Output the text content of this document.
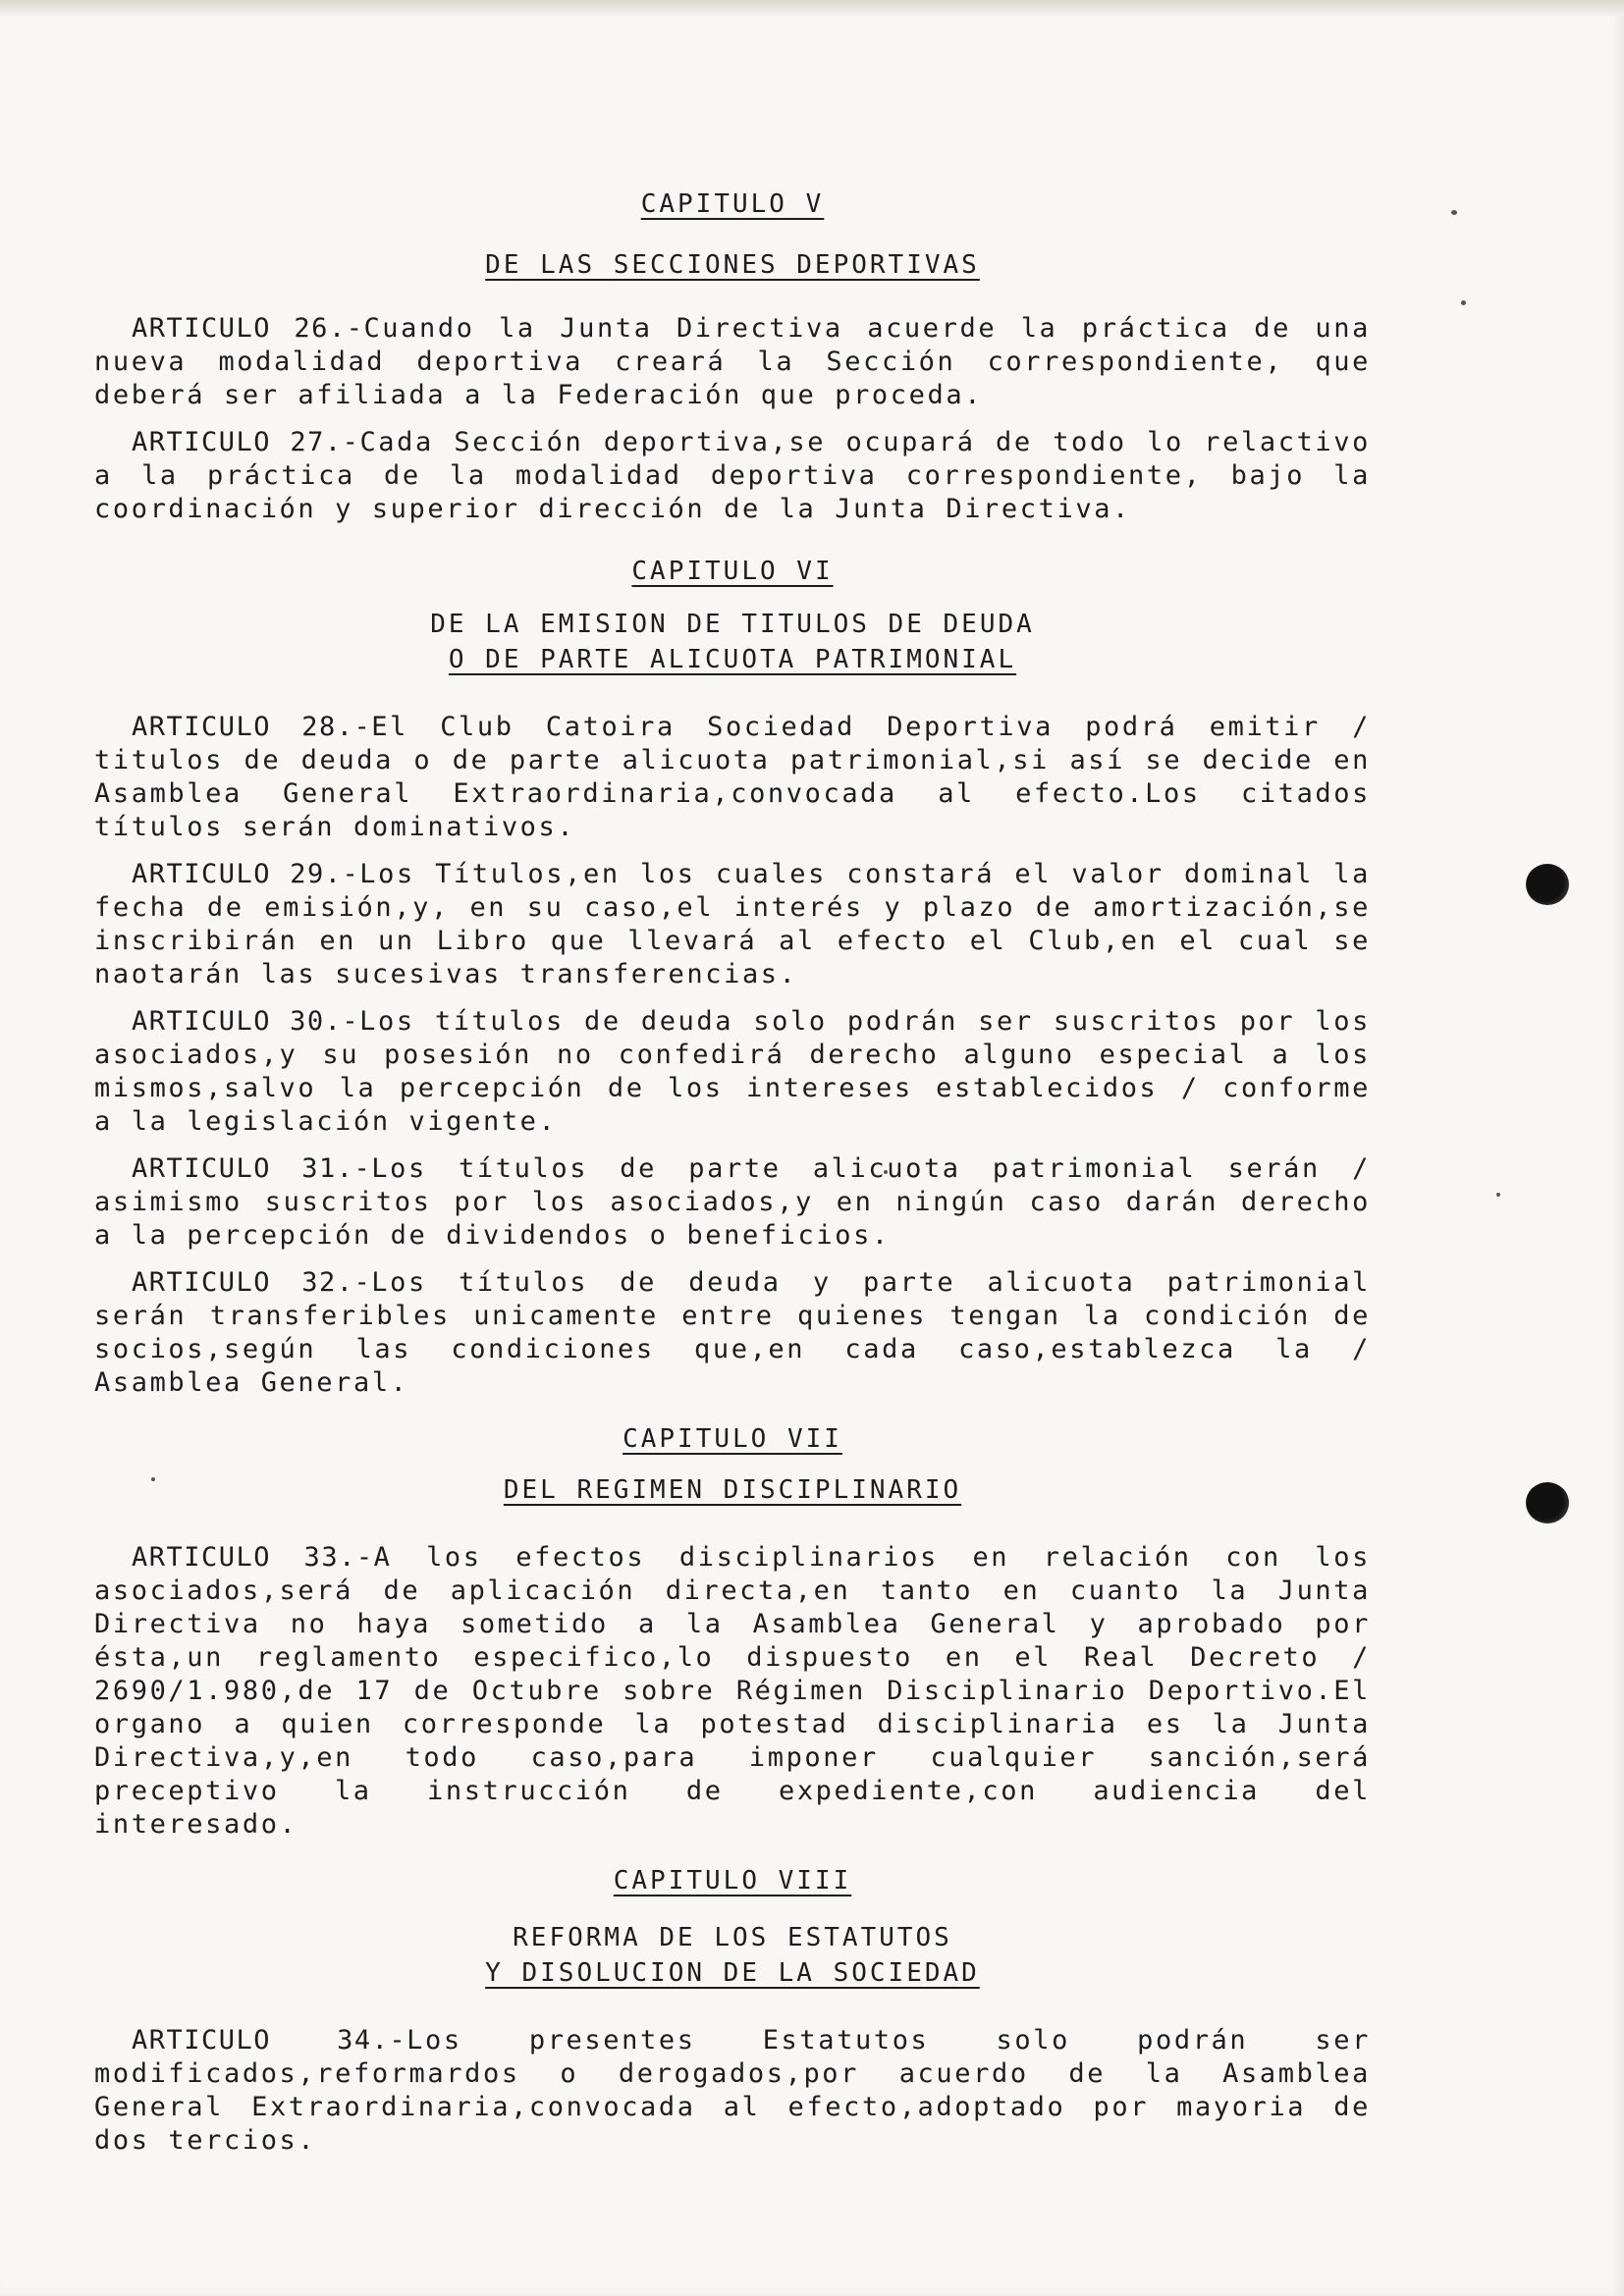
CAPITULO V

DE LAS SECCIONES DEPORTIVAS

ARTICULO 26.-Cuando la Junta Directiva acuerde la práctica de una nueva modalidad deportiva creará la Sección correspondiente, que deberá ser afiliada a la Federación que proceda.

ARTICULO 27.-Cada Sección deportiva,se ocupará de todo lo relactivo a la práctica de la modalidad deportiva correspondiente, bajo la coordinación y superior dirección de la Junta Directiva.

CAPITULO VI

DE LA EMISION DE TITULOS DE DEUDA

O DE PARTE ALICUOTA PATRIMONIAL

ARTICULO 28.-El Club Catoira Sociedad Deportiva podrá emitir / titulos de deuda o de parte alicuota patrimonial,si así se decide en Asamblea General Extraordinaria,convocada al efecto.Los citados títulos serán dominativos.

ARTICULO 29.-Los Títulos,en los cuales constará el valor dominal la fecha de emisión,y, en su caso,el interés y plazo de amortización,se inscribirán en un Libro que llevará al efecto el Club,en el cual se naotarán las sucesivas transferencias.

ARTICULO 30.-Los títulos de deuda solo podrán ser suscritos por los asociados,y su posesión no confedirá derecho alguno especial a los mismos,salvo la percepción de los intereses establecidos / conforme a la legislación vigente.

ARTICULO 31.-Los títulos de parte alicuota patrimonial serán / asimismo suscritos por los asociados,y en ningún caso darán derecho a la percepción de dividendos o beneficios.

ARTICULO 32.-Los títulos de deuda y parte alicuota patrimonial serán transferibles unicamente entre quienes tengan la condición de socios,según las condiciones que,en cada caso,establezca la / Asamblea General.

CAPITULO VII

DEL REGIMEN DISCIPLINARIO

ARTICULO 33.-A los efectos disciplinarios en relación con los asociados,será de aplicación directa,en tanto en cuanto la Junta Directiva no haya sometido a la Asamblea General y aprobado por ésta,un reglamento especifico,lo dispuesto en el Real Decreto / 2690/1.980,de 17 de Octubre sobre Régimen Disciplinario Deportivo.El organo a quien corresponde la potestad disciplinaria es la Junta Directiva,y,en todo caso,para imponer cualquier sanción,será preceptivo la instrucción de expediente,con audiencia del interesado.

CAPITULO VIII

REFORMA DE LOS ESTATUTOS

Y DISOLUCION DE LA SOCIEDAD

ARTICULO 34.-Los presentes Estatutos solo podrán ser modificados,reformardos o derogados,por acuerdo de la Asamblea General Extraordinaria,convocada al efecto,adoptado por mayoria de dos tercios.
